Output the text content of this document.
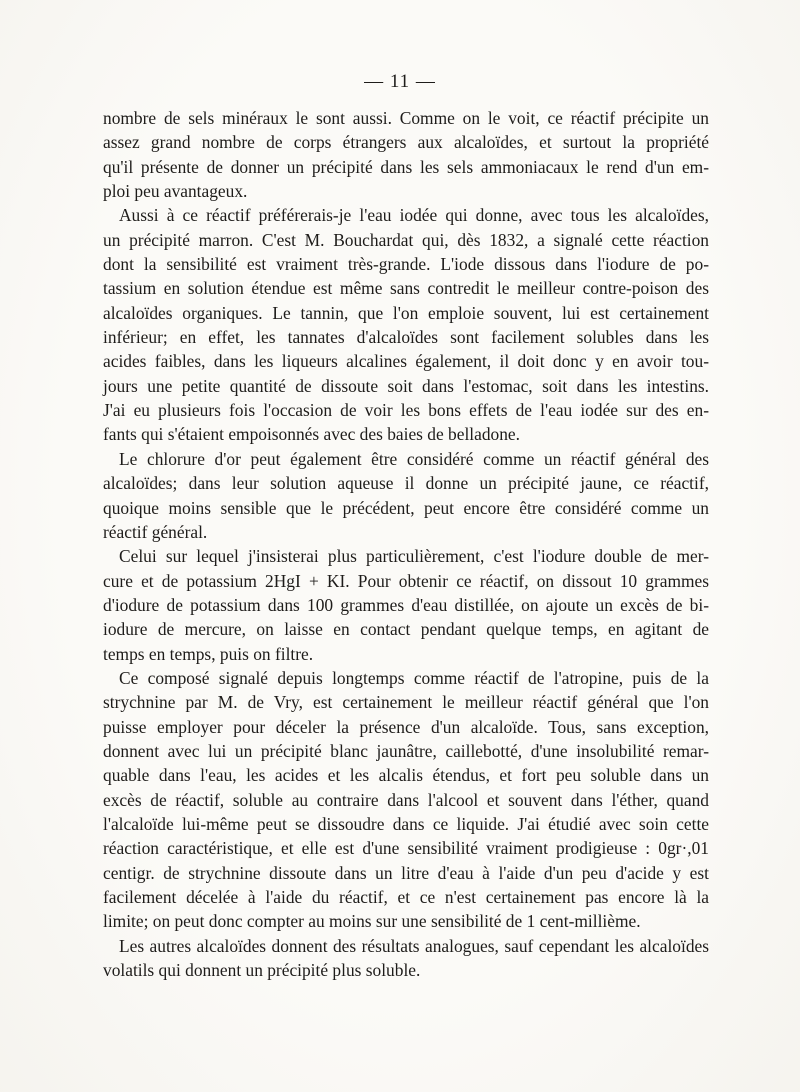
— 11 —

nombre de sels minéraux le sont aussi. Comme on le voit, ce réactif précipite un

assez grand nombre de corps étrangers aux alcaloïdes, et surtout la propriété

qu'il présente de donner un précipité dans les sels ammoniacaux le rend d'un em-

ploi peu avantageux.

Aussi à ce réactif préférerais-je l'eau iodée qui donne, avec tous les alcaloïdes,

un précipité marron. C'est M. Bouchardat qui, dès 1832, a signalé cette réaction

dont la sensibilité est vraiment très-grande. L'iode dissous dans l'iodure de po-

tassium en solution étendue est même sans contredit le meilleur contre-poison des

alcaloïdes organiques. Le tannin, que l'on emploie souvent, lui est certainement

inférieur; en effet, les tannates d'alcaloïdes sont facilement solubles dans les

acides faibles, dans les liqueurs alcalines également, il doit donc y en avoir tou-

jours une petite quantité de dissoute soit dans l'estomac, soit dans les intestins.

J'ai eu plusieurs fois l'occasion de voir les bons effets de l'eau iodée sur des en-

fants qui s'étaient empoisonnés avec des baies de belladone.

Le chlorure d'or peut également être considéré comme un réactif général des

alcaloïdes; dans leur solution aqueuse il donne un précipité jaune, ce réactif,

quoique moins sensible que le précédent, peut encore être considéré comme un

réactif général.

Celui sur lequel j'insisterai plus particulièrement, c'est l'iodure double de mer-

cure et de potassium 2HgI + KI. Pour obtenir ce réactif, on dissout 10 grammes

d'iodure de potassium dans 100 grammes d'eau distillée, on ajoute un excès de bi-

iodure de mercure, on laisse en contact pendant quelque temps, en agitant de

temps en temps, puis on filtre.

Ce composé signalé depuis longtemps comme réactif de l'atropine, puis de la

strychnine par M. de Vry, est certainement le meilleur réactif général que l'on

puisse employer pour déceler la présence d'un alcaloïde. Tous, sans exception,

donnent avec lui un précipité blanc jaunâtre, caillebotté, d'une insolubilité remar-

quable dans l'eau, les acides et les alcalis étendus, et fort peu soluble dans un

excès de réactif, soluble au contraire dans l'alcool et souvent dans l'éther, quand

l'alcaloïde lui-même peut se dissoudre dans ce liquide. J'ai étudié avec soin cette

réaction caractéristique, et elle est d'une sensibilité vraiment prodigieuse : 0gr·,01

centigr. de strychnine dissoute dans un litre d'eau à l'aide d'un peu d'acide y est

facilement décelée à l'aide du réactif, et ce n'est certainement pas encore là la

limite; on peut donc compter au moins sur une sensibilité de 1 cent-millième.

Les autres alcaloïdes donnent des résultats analogues, sauf cependant les alcaloïdes

volatils qui donnent un précipité plus soluble.
